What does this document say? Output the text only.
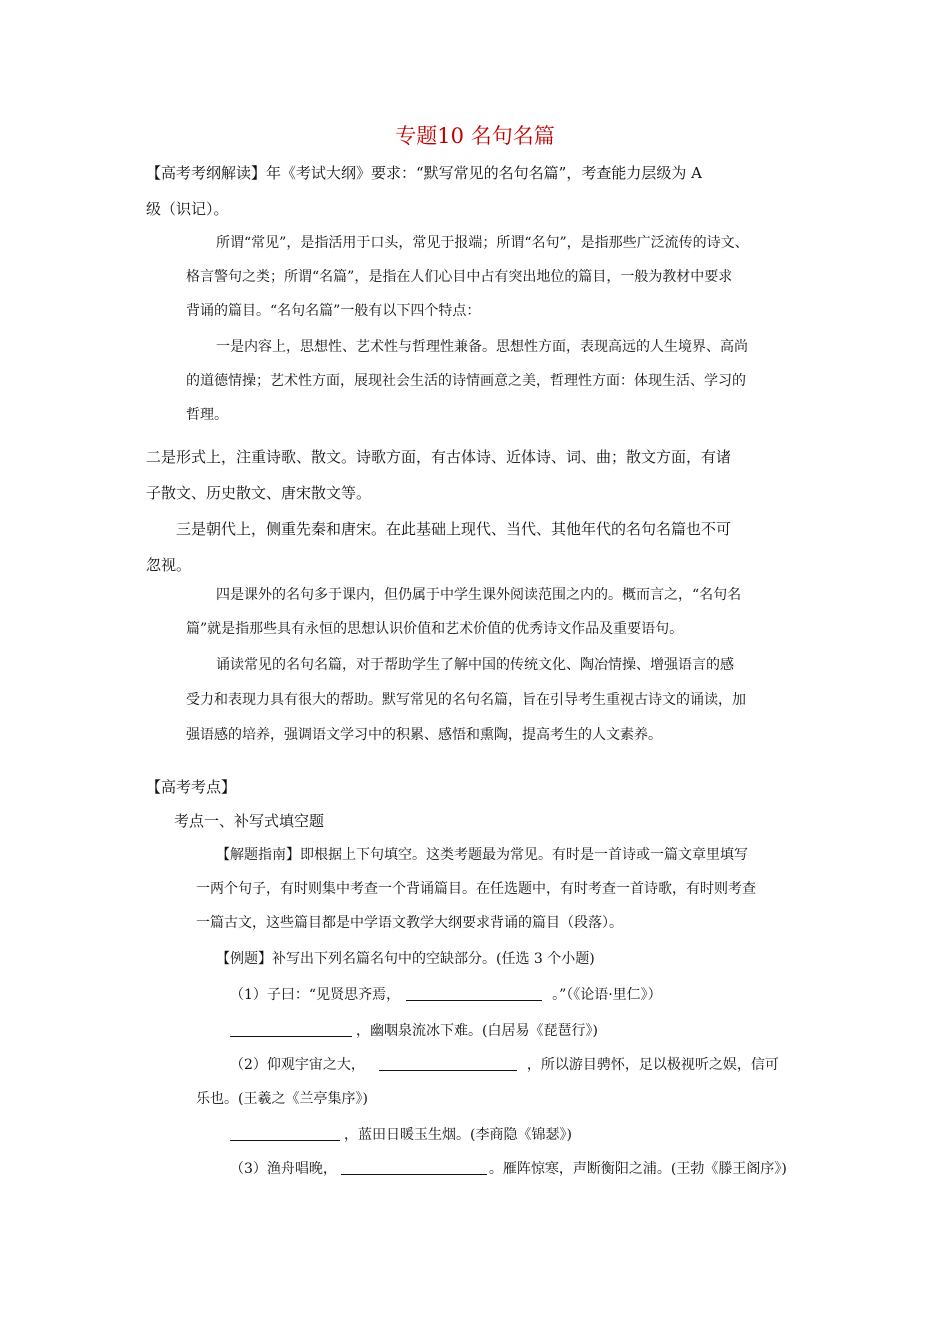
专题10 名句名篇
【高考考纲解读】年《考试大纲》要求：“默写常见的名句名篇”，考查能力层级为 A
级（识记）。
所谓“常见”，是指活用于口头，常见于报端；所谓“名句”，是指那些广泛流传的诗文、
格言警句之类；所谓“名篇”，是指在人们心目中占有突出地位的篇目，一般为教材中要求
背诵的篇目。“名句名篇”一般有以下四个特点：
一是内容上，思想性、艺术性与哲理性兼备。思想性方面，表现高远的人生境界、高尚
的道德情操；艺术性方面，展现社会生活的诗情画意之美，哲理性方面：体现生活、学习的
哲理。
二是形式上，注重诗歌、散文。诗歌方面，有古体诗、近体诗、词、曲；散文方面，有诸
子散文、历史散文、唐宋散文等。
三是朝代上，侧重先秦和唐宋。在此基础上现代、当代、其他年代的名句名篇也不可
忽视。
四是课外的名句多于课内，但仍属于中学生课外阅读范围之内的。概而言之，“名句名
篇”就是指那些具有永恒的思想认识价值和艺术价值的优秀诗文作品及重要语句。
诵读常见的名句名篇，对于帮助学生了解中国的传统文化、陶冶情操、增强语言的感
受力和表现力具有很大的帮助。默写常见的名句名篇，旨在引导考生重视古诗文的诵读，加
强语感的培养，强调语文学习中的积累、感悟和熏陶，提高考生的人文素养。
【高考考点】
考点一、补写式填空题
【解题指南】即根据上下句填空。这类考题最为常见。有时是一首诗或一篇文章里填写
一两个句子，有时则集中考查一个背诵篇目。在任选题中，有时考查一首诗歌，有时则考查
一篇古文，这些篇目都是中学语文教学大纲要求背诵的篇目（段落）。
【例题】补写出下列名篇名句中的空缺部分。(任选 3 个小题)
（1）子曰：“见贤思齐焉，	。”（《论语·里仁》）
，幽咽泉流冰下难。(白居易《琵琶行》)
（2）仰观宇宙之大，	，所以游目骋怀，足以极视听之娱，信可
乐也。(王羲之《兰亭集序》)
，蓝田日暖玉生烟。(李商隐《锦瑟》)
（3）渔舟唱晚，	。雁阵惊寒，声断衡阳之浦。(王勃《滕王阁序》)
